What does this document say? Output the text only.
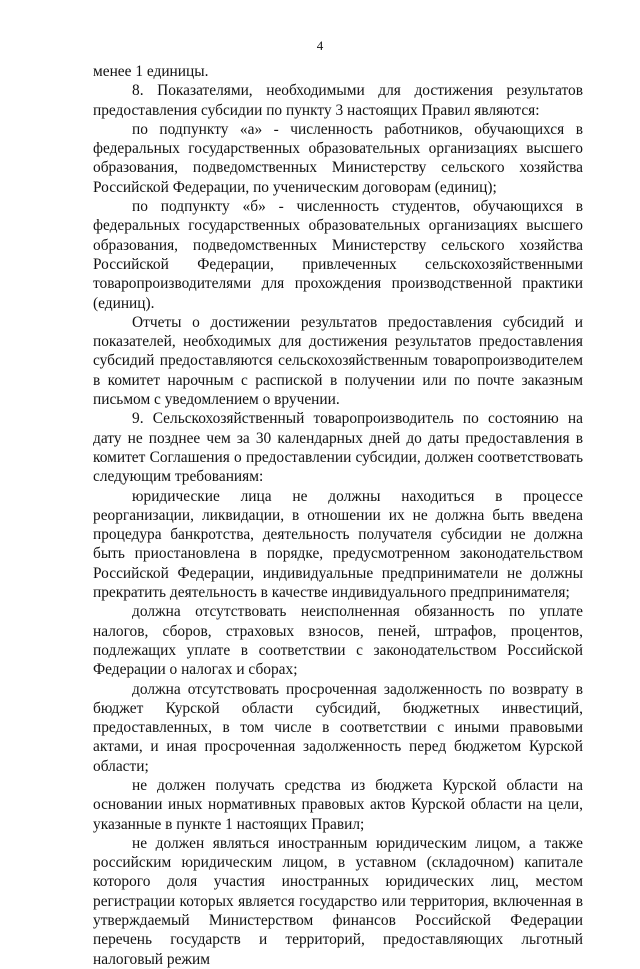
4

менее 1 единицы.

8. Показателями, необходимыми для достижения результатов предоставления субсидии по пункту 3 настоящих Правил являются:

по подпункту «а» - численность работников, обучающихся в федеральных государственных образовательных организациях высшего образования, подведомственных Министерству сельского хозяйства Российской Федерации, по ученическим договорам (единиц);

по подпункту «б» - численность студентов, обучающихся в федеральных государственных образовательных организациях высшего образования, подведомственных Министерству сельского хозяйства Российской Федерации, привлеченных сельскохозяйственными товаропроизводителями для прохождения производственной практики (единиц).

Отчеты о достижении результатов предоставления субсидий и показателей, необходимых для достижения результатов предоставления субсидий предоставляются сельскохозяйственным товаропроизводителем в комитет нарочным с распиской в получении или по почте заказным письмом с уведомлением о вручении.

9. Сельскохозяйственный товаропроизводитель по состоянию на дату не позднее чем за 30 календарных дней до даты предоставления в комитет Соглашения о предоставлении субсидии, должен соответствовать следующим требованиям:

юридические лица не должны находиться в процессе реорганизации, ликвидации, в отношении их не должна быть введена процедура банкротства, деятельность получателя субсидии не должна быть приостановлена в порядке, предусмотренном законодательством Российской Федерации, индивидуальные предприниматели не должны прекратить деятельность в качестве индивидуального предпринимателя;

должна отсутствовать неисполненная обязанность по уплате налогов, сборов, страховых взносов, пеней, штрафов, процентов, подлежащих уплате в соответствии с законодательством Российской Федерации о налогах и сборах;

должна отсутствовать просроченная задолженность по возврату в бюджет Курской области субсидий, бюджетных инвестиций, предоставленных, в том числе в соответствии с иными правовыми актами, и иная просроченная задолженность перед бюджетом Курской области;

не должен получать средства из бюджета Курской области на основании иных нормативных правовых актов Курской области на цели, указанные в пункте 1 настоящих Правил;

не должен являться иностранным юридическим лицом, а также российским юридическим лицом, в уставном (складочном) капитале которого доля участия иностранных юридических лиц, местом регистрации которых является государство или территория, включенная в утверждаемый Министерством финансов Российской Федерации перечень государств и территорий, предоставляющих льготный налоговый режим
